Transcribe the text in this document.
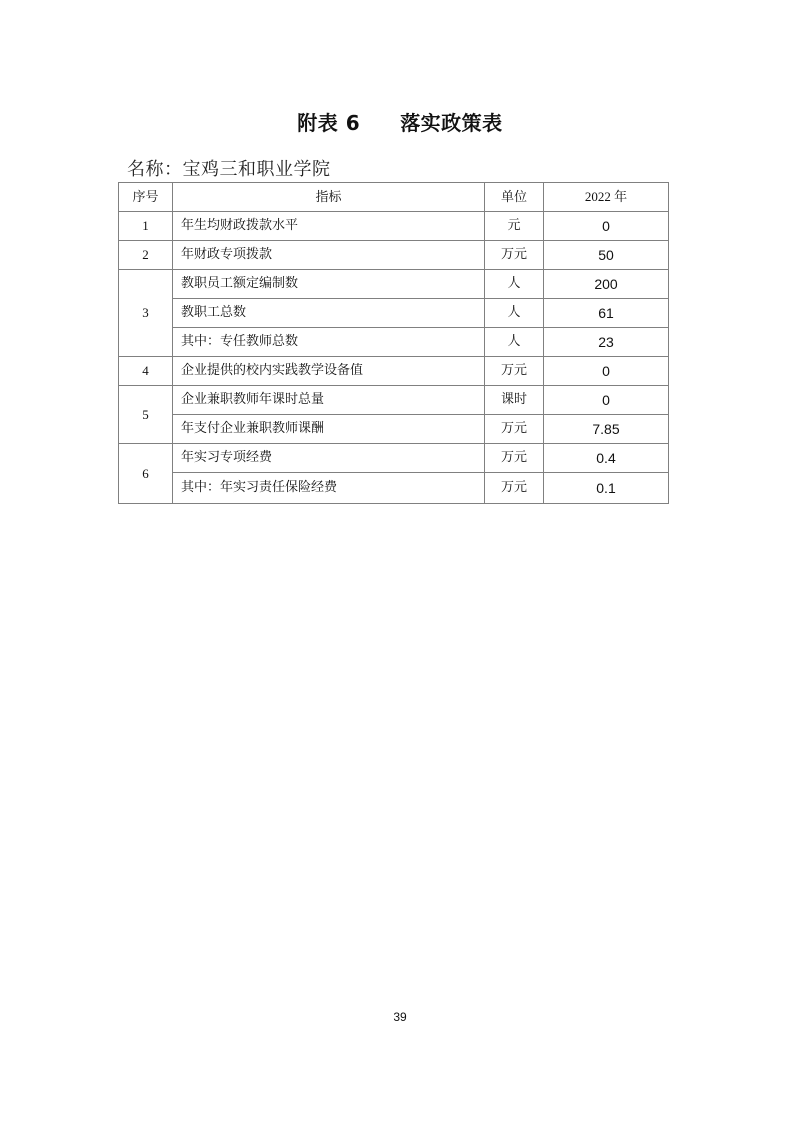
附表 6 落实政策表
名称：宝鸡三和职业学院
序号	指标	单位	2022 年
1	年生均财政拨款水平	元	0
2	年财政专项拨款	万元	50
3	教职员工额定编制数	人	200
	教职工总数	人	61
	其中：专任教师总数	人	23
4	企业提供的校内实践教学设备值	万元	0
5	企业兼职教师年课时总量	课时	0
	年支付企业兼职教师课酬	万元	7.85
6	年实习专项经费	万元	0.4
	其中：年实习责任保险经费	万元	0.1
39
